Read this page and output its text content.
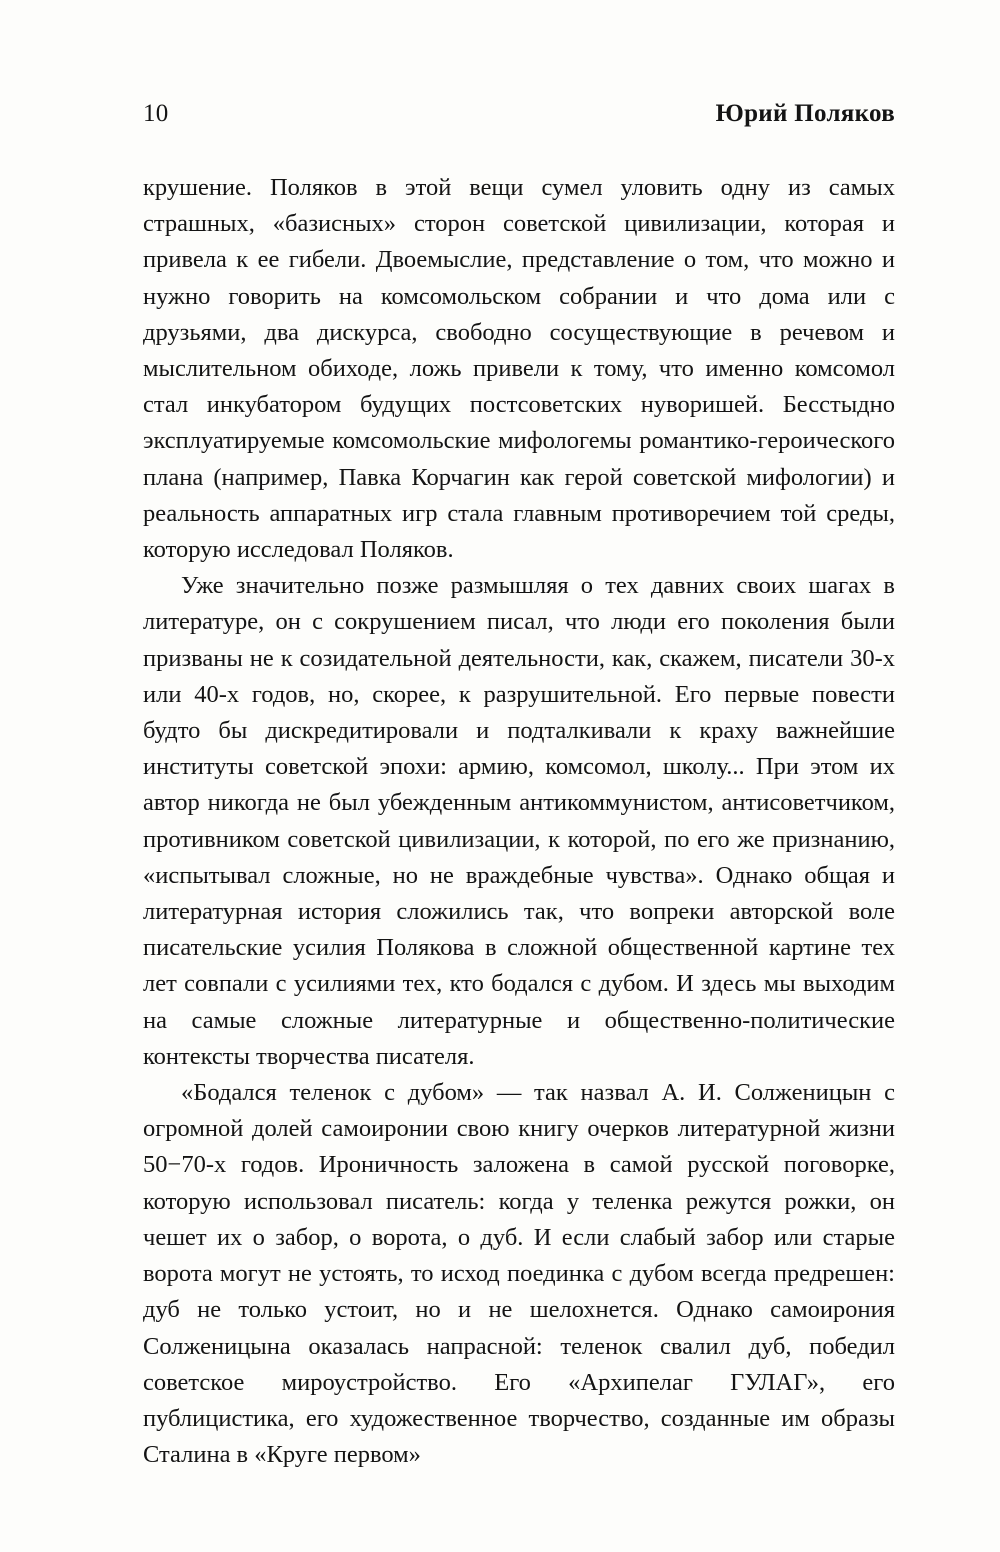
10	Юрий Поляков

крушение. Поляков в этой вещи сумел уловить одну из самых страшных, «базисных» сторон советской цивилизации, которая и привела к ее гибели. Двоемыслие, представление о том, что можно и нужно говорить на комсомольском собрании и что дома или с друзьями, два дискурса, свободно сосуществующие в речевом и мыслительном обиходе, ложь привели к тому, что именно комсомол стал инкубатором будущих постсоветских нуворишей. Бесстыдно эксплуатируемые комсомольские мифологемы романтико-героического плана (например, Павка Корчагин как герой советской мифологии) и реальность аппаратных игр стала главным противоречием той среды, которую исследовал Поляков.

Уже значительно позже размышляя о тех давних своих шагах в литературе, он с сокрушением писал, что люди его поколения были призваны не к созидательной деятельности, как, скажем, писатели 30-х или 40-х годов, но, скорее, к разрушительной. Его первые повести будто бы дискредитировали и подталкивали к краху важнейшие институты советской эпохи: армию, комсомол, школу... При этом их автор никогда не был убежденным антикоммунистом, антисоветчиком, противником советской цивилизации, к которой, по его же признанию, «испытывал сложные, но не враждебные чувства». Однако общая и литературная история сложились так, что вопреки авторской воле писательские усилия Полякова в сложной общественной картине тех лет совпали с усилиями тех, кто бодался с дубом. И здесь мы выходим на самые сложные литературные и общественно-политические контексты творчества писателя.

«Бодался теленок с дубом» — так назвал А. И. Солженицын с огромной долей самоиронии свою книгу очерков литературной жизни 50−70-х годов. Ироничность заложена в самой русской поговорке, которую использовал писатель: когда у теленка режутся рожки, он чешет их о забор, о ворота, о дуб. И если слабый забор или старые ворота могут не устоять, то исход поединка с дубом всегда предрешен: дуб не только устоит, но и не шелохнется. Однако самоирония Солженицына оказалась напрасной: теленок свалил дуб, победил советское мироустройство. Его «Архипелаг ГУЛАГ», его публицистика, его художественное творчество, созданные им образы Сталина в «Круге первом»
